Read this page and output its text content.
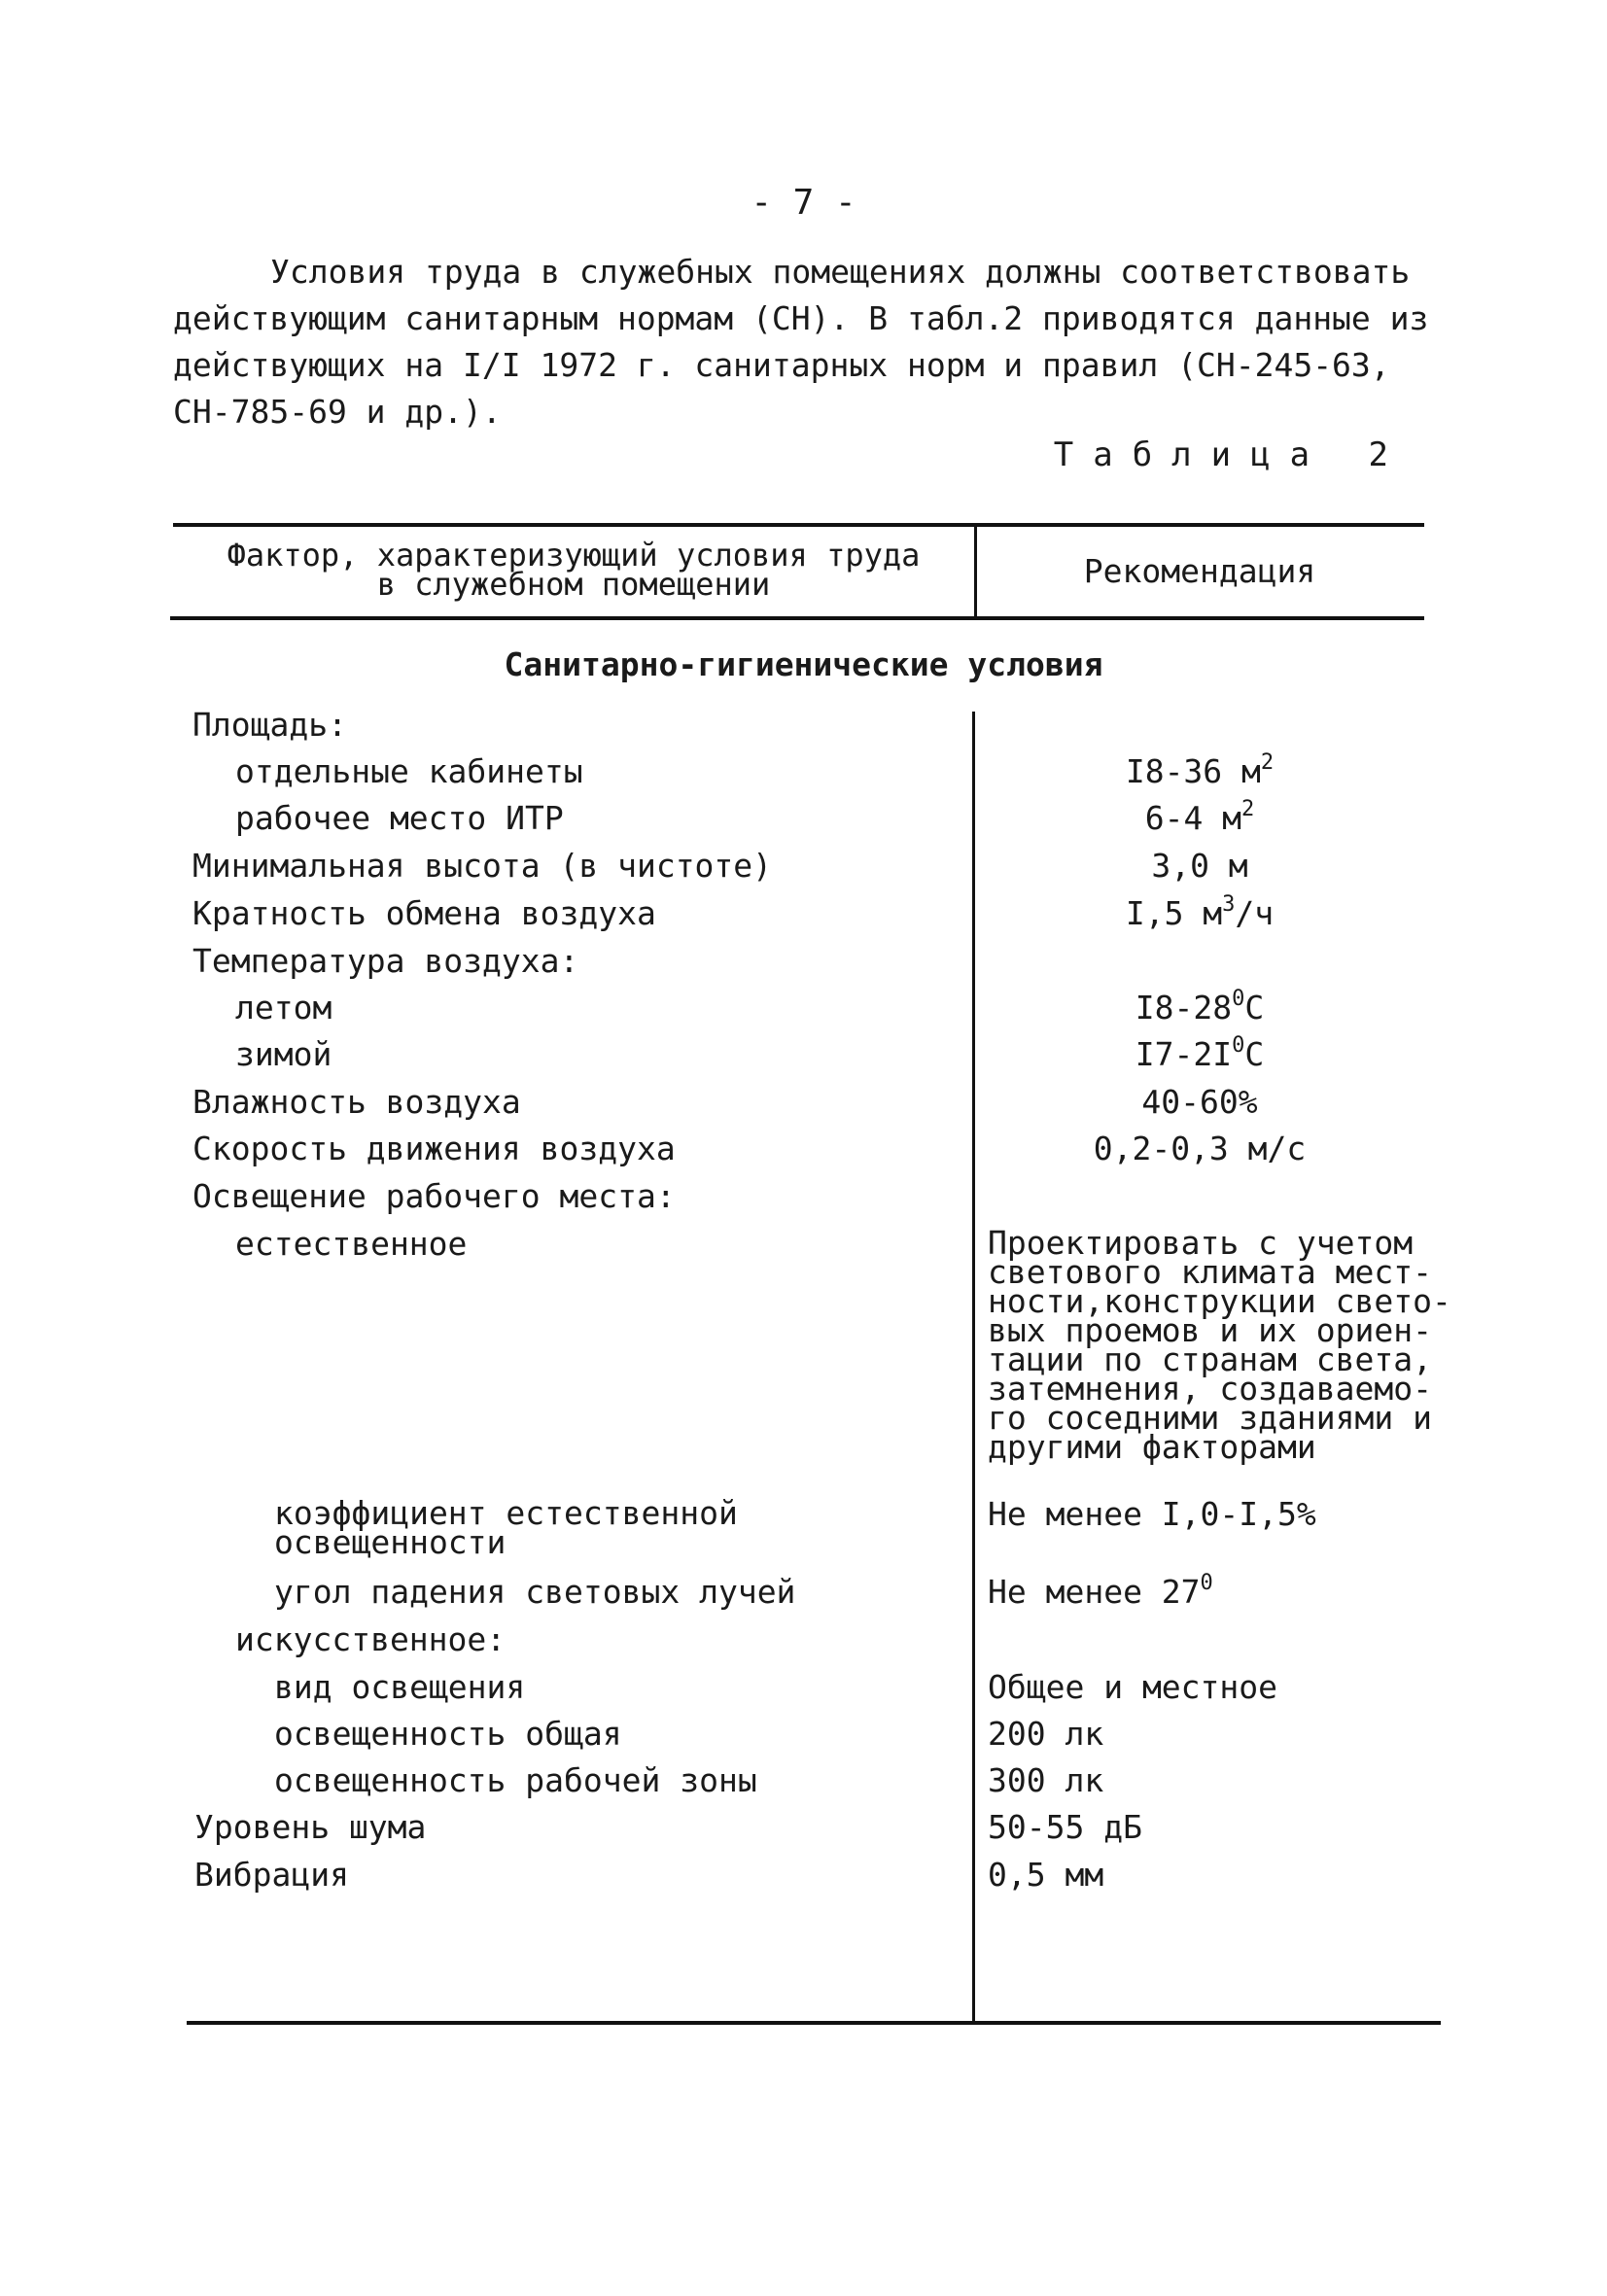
- 7 -
Условия труда в служебных помещениях должны соответствовать
действующим санитарным нормам (СН). В табл.2 приводятся данные из
действующих на I/I 1972 г. санитарных норм и правил (СН-245-63,
СН-785-69 и др.).
Таблица 2
Фактор, характеризующий условия труда
в служебном помещении	Рекомендация
Санитарно-гигиенические условия
Площадь:
отдельные кабинеты
рабочее место ИТР
Минимальная высота (в чистоте)
Кратность обмена воздуха
Температура воздуха:
летом
зимой
Влажность воздуха
Скорость движения воздуха
Освещение рабочего места:
естественное
коэффициент естественной
освещенности
угол падения световых лучей
искусственное:
вид освещения
освещенность общая
освещенность рабочей зоны
Уровень шума
Вибрация
I8-36 $м^2$
6-4 $м^2$
3,0 м
I,5 $м^3/ч$
$I8-28^0C$
$I7-2I^0C$
40-60%
0,2-0,3 м/с
Проектировать с учетом
светового климата мест-
ности,конструкции свето-
вых проемов и их ориен-
тации по странам света,
затемнения, создаваемо-
го соседними зданиями и
другими факторами
Не менее I,0-I,5%
Не менее $27^0$
Общее и местное
200 лк
300 лк
50-55 дБ
0,5 мм
